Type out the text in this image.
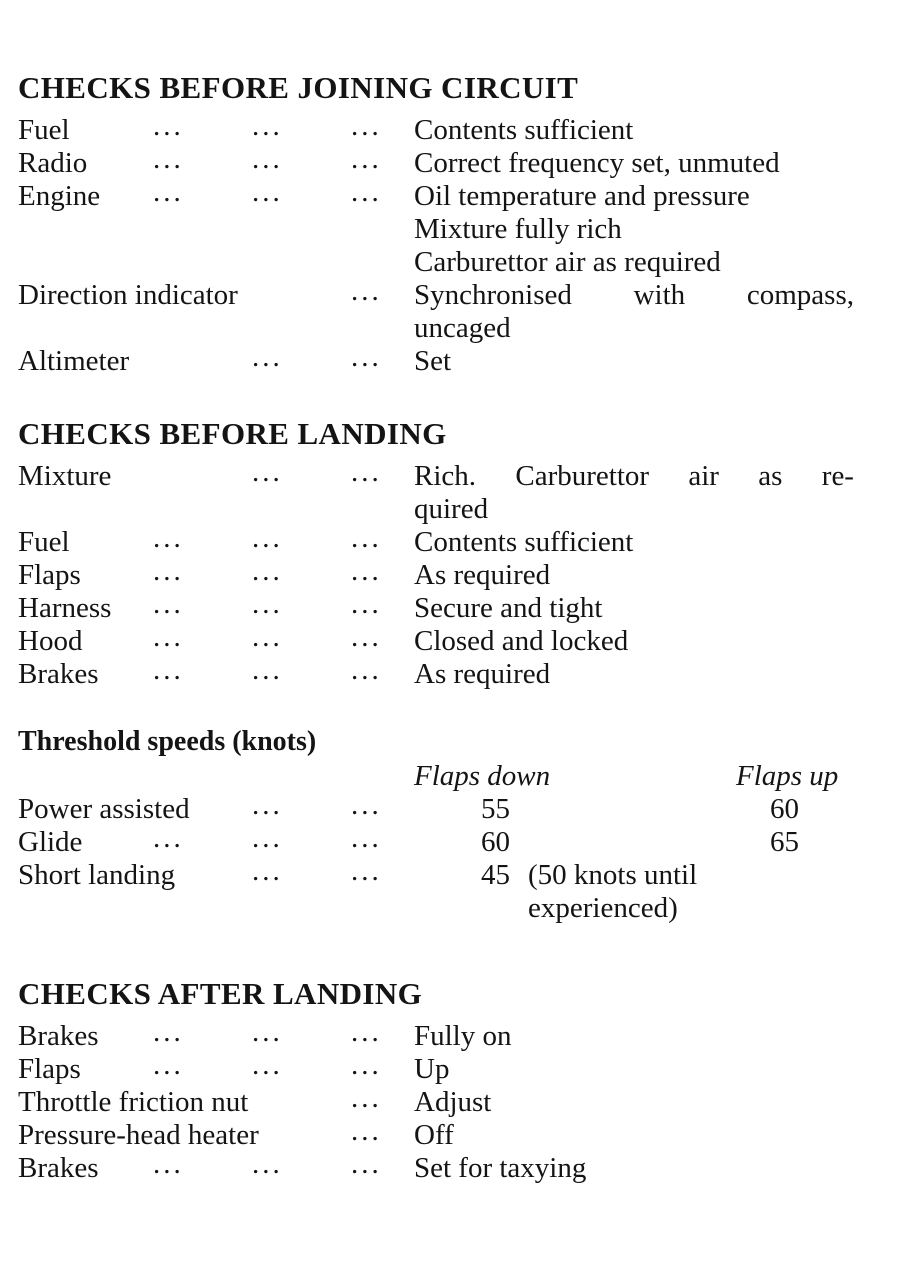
CHECKS BEFORE JOINING CIRCUIT
Fuel	... ... ... Contents sufficient
Radio ... ... ... Correct frequency set, unmuted
Engine ... ... ... Oil temperature and pressure
Mixture fully rich
Carburettor air as required
Direction indicator	... Synchronised with compass,
uncaged
Altimeter	... ... Set
CHECKS BEFORE LANDING
Mixture	... ... Rich. Carburettor air as re-
quired
Fuel	... ... ... Contents sufficient
Flaps ... ... ... As required
Harness ... ... ... Secure and tight
Hood ... ... ... Closed and locked
Brakes ... ... ... As required
Threshold speeds (knots)
Flaps down	Flaps up
Power assisted ... ...	55	60
Glide ... ... ...	60	65
Short landing	... ...	45 (50 knots until
experienced)
CHECKS AFTER LANDING
Brakes ... ... ... Fully on
Flaps ... ... ... Up
Throttle friction nut	... Adjust
Pressure-head heater	... Off
Brakes ... ... ... Set for taxying
